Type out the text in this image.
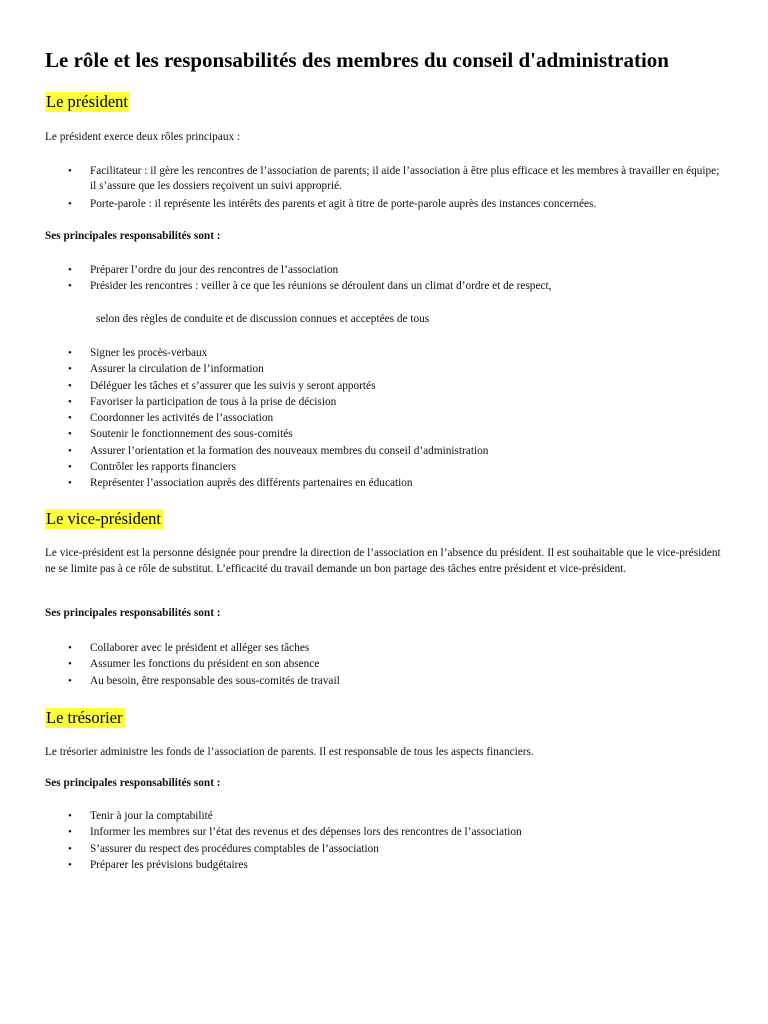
Le rôle et les responsabilités des membres du conseil d'administration
Le président

Le président exerce deux rôles principaux :

• Facilitateur : il gère les rencontres de l’association de parents; il aide l’association à être plus efficace et les membres à travailler en équipe; il s’assure que les dossiers reçoivent un suivi approprié.
• Porte-parole : il représente les intérêts des parents et agit à titre de porte-parole auprès des instances concernées.

Ses principales responsabilités sont :

• Préparer l’ordre du jour des rencontres de l’association
• Présider les rencontres : veiller à ce que les réunions se déroulent dans un climat d’ordre et de respect,
selon des règles de conduite et de discussion connues et acceptées de tous
• Signer les procès-verbaux
• Assurer la circulation de l’information
• Déléguer les tâches et s’assurer que les suivis y seront apportés
• Favoriser la participation de tous à la prise de décision
• Coordonner les activités de l’association
• Soutenir le fonctionnement des sous-comités
• Assurer l’orientation et la formation des nouveaux membres du conseil d’administration
• Contrôler les rapports financiers
• Représenter l’association auprès des différents partenaires en éducation
Le vice-président

Le vice-président est la personne désignée pour prendre la direction de l’association en l’absence du président. Il est souhaitable que le vice-président ne se limite pas à ce rôle de substitut. L’efficacité du travail demande un bon partage des tâches entre président et vice-président.

Ses principales responsabilités sont :

• Collaborer avec le président et alléger ses tâches
• Assumer les fonctions du président en son absence
• Au besoin, être responsable des sous-comités de travail
Le trésorier

Le trésorier administre les fonds de l’association de parents. Il est responsable de tous les aspects financiers.

Ses principales responsabilités sont :

• Tenir à jour la comptabilité
• Informer les membres sur l’état des revenus et des dépenses lors des rencontres de l’association
• S’assurer du respect des procédures comptables de l’association
• Préparer les prévisions budgétaires
